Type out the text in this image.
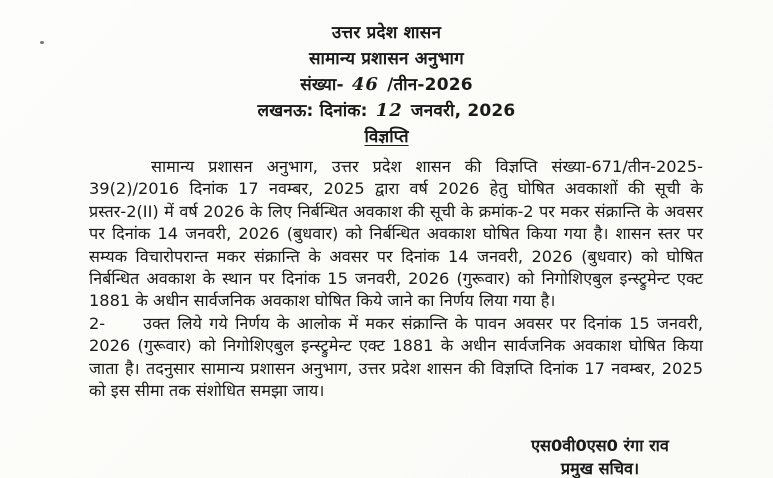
उत्तर प्रदेश शासन
सामान्य प्रशासन अनुभाग
संख्या- 46 /तीन-2026
लखनऊ: दिनांक: 12 जनवरी, 2026
विज्ञप्ति

सामान्य प्रशासन अनुभाग, उत्तर प्रदेश शासन की विज्ञप्ति संख्या-671/तीन-2025-39(2)/2016 दिनांक 17 नवम्बर, 2025 द्वारा वर्ष 2026 हेतु घोषित अवकाशों की सूची के प्रस्तर-2(II) में वर्ष 2026 के लिए निर्बन्धित अवकाश की सूची के क्रमांक-2 पर मकर संक्रान्ति के अवसर पर दिनांक 14 जनवरी, 2026 (बुधवार) को निर्बन्धित अवकाश घोषित किया गया है। शासन स्तर पर सम्यक विचारोपरान्त मकर संक्रान्ति के अवसर पर दिनांक 14 जनवरी, 2026 (बुधवार) को घोषित निर्बन्धित अवकाश के स्थान पर दिनांक 15 जनवरी, 2026 (गुरूवार) को निगोशिएबुल इन्स्ट्रुमेन्ट एक्ट 1881 के अधीन सार्वजनिक अवकाश घोषित किये जाने का निर्णय लिया गया है।

2- उक्त लिये गये निर्णय के आलोक में मकर संक्रान्ति के पावन अवसर पर दिनांक 15 जनवरी, 2026 (गुरूवार) को निगोशिएबुल इन्स्ट्रुमेन्ट एक्ट 1881 के अधीन सार्वजनिक अवकाश घोषित किया जाता है। तदनुसार सामान्य प्रशासन अनुभाग, उत्तर प्रदेश शासन की विज्ञप्ति दिनांक 17 नवम्बर, 2025 को इस सीमा तक संशोधित समझा जाय।

एस0वी0एस0 रंगा राव
प्रमुख सचिव।
